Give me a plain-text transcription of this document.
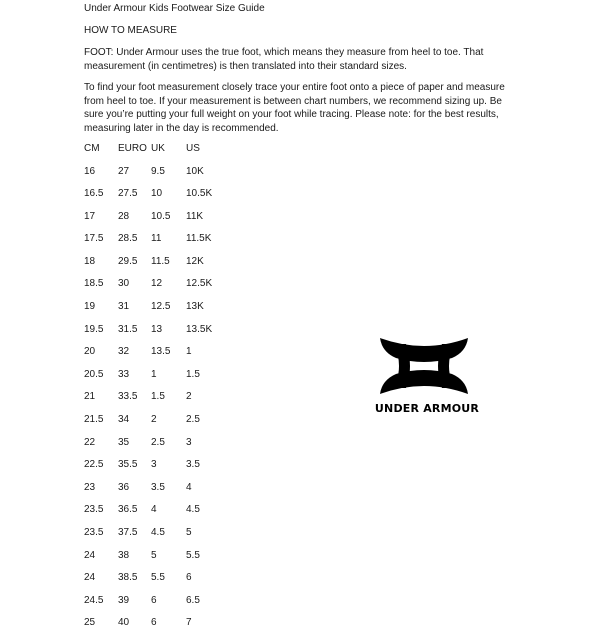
Under Armour Kids Footwear Size Guide
HOW TO MEASURE
FOOT: Under Armour uses the true foot, which means they measure from heel to toe. That measurement (in centimetres) is then translated into their standard sizes.
To find your foot measurement closely trace your entire foot onto a piece of paper and measure from heel to toe. If your measurement is between chart numbers, we recommend sizing up. Be sure you’re putting your full weight on your foot while tracing. Please note: for the best results, measuring later in the day is recommended.
CM	EURO	UK	US
16	27	9.5	10K
16.5	27.5	10	10.5K
17	28	10.5	11K
17.5	28.5	11	11.5K
18	29.5	11.5	12K
18.5	30	12	12.5K
19	31	12.5	13K
19.5	31.5	13	13.5K
20	32	13.5	1
20.5	33	1	1.5
21	33.5	1.5	2
21.5	34	2	2.5
22	35	2.5	3
22.5	35.5	3	3.5
23	36	3.5	4
23.5	36.5	4	4.5
23.5	37.5	4.5	5
24	38	5	5.5
24	38.5	5.5	6
24.5	39	6	6.5
25	40	6	7
UNDER ARMOUR
